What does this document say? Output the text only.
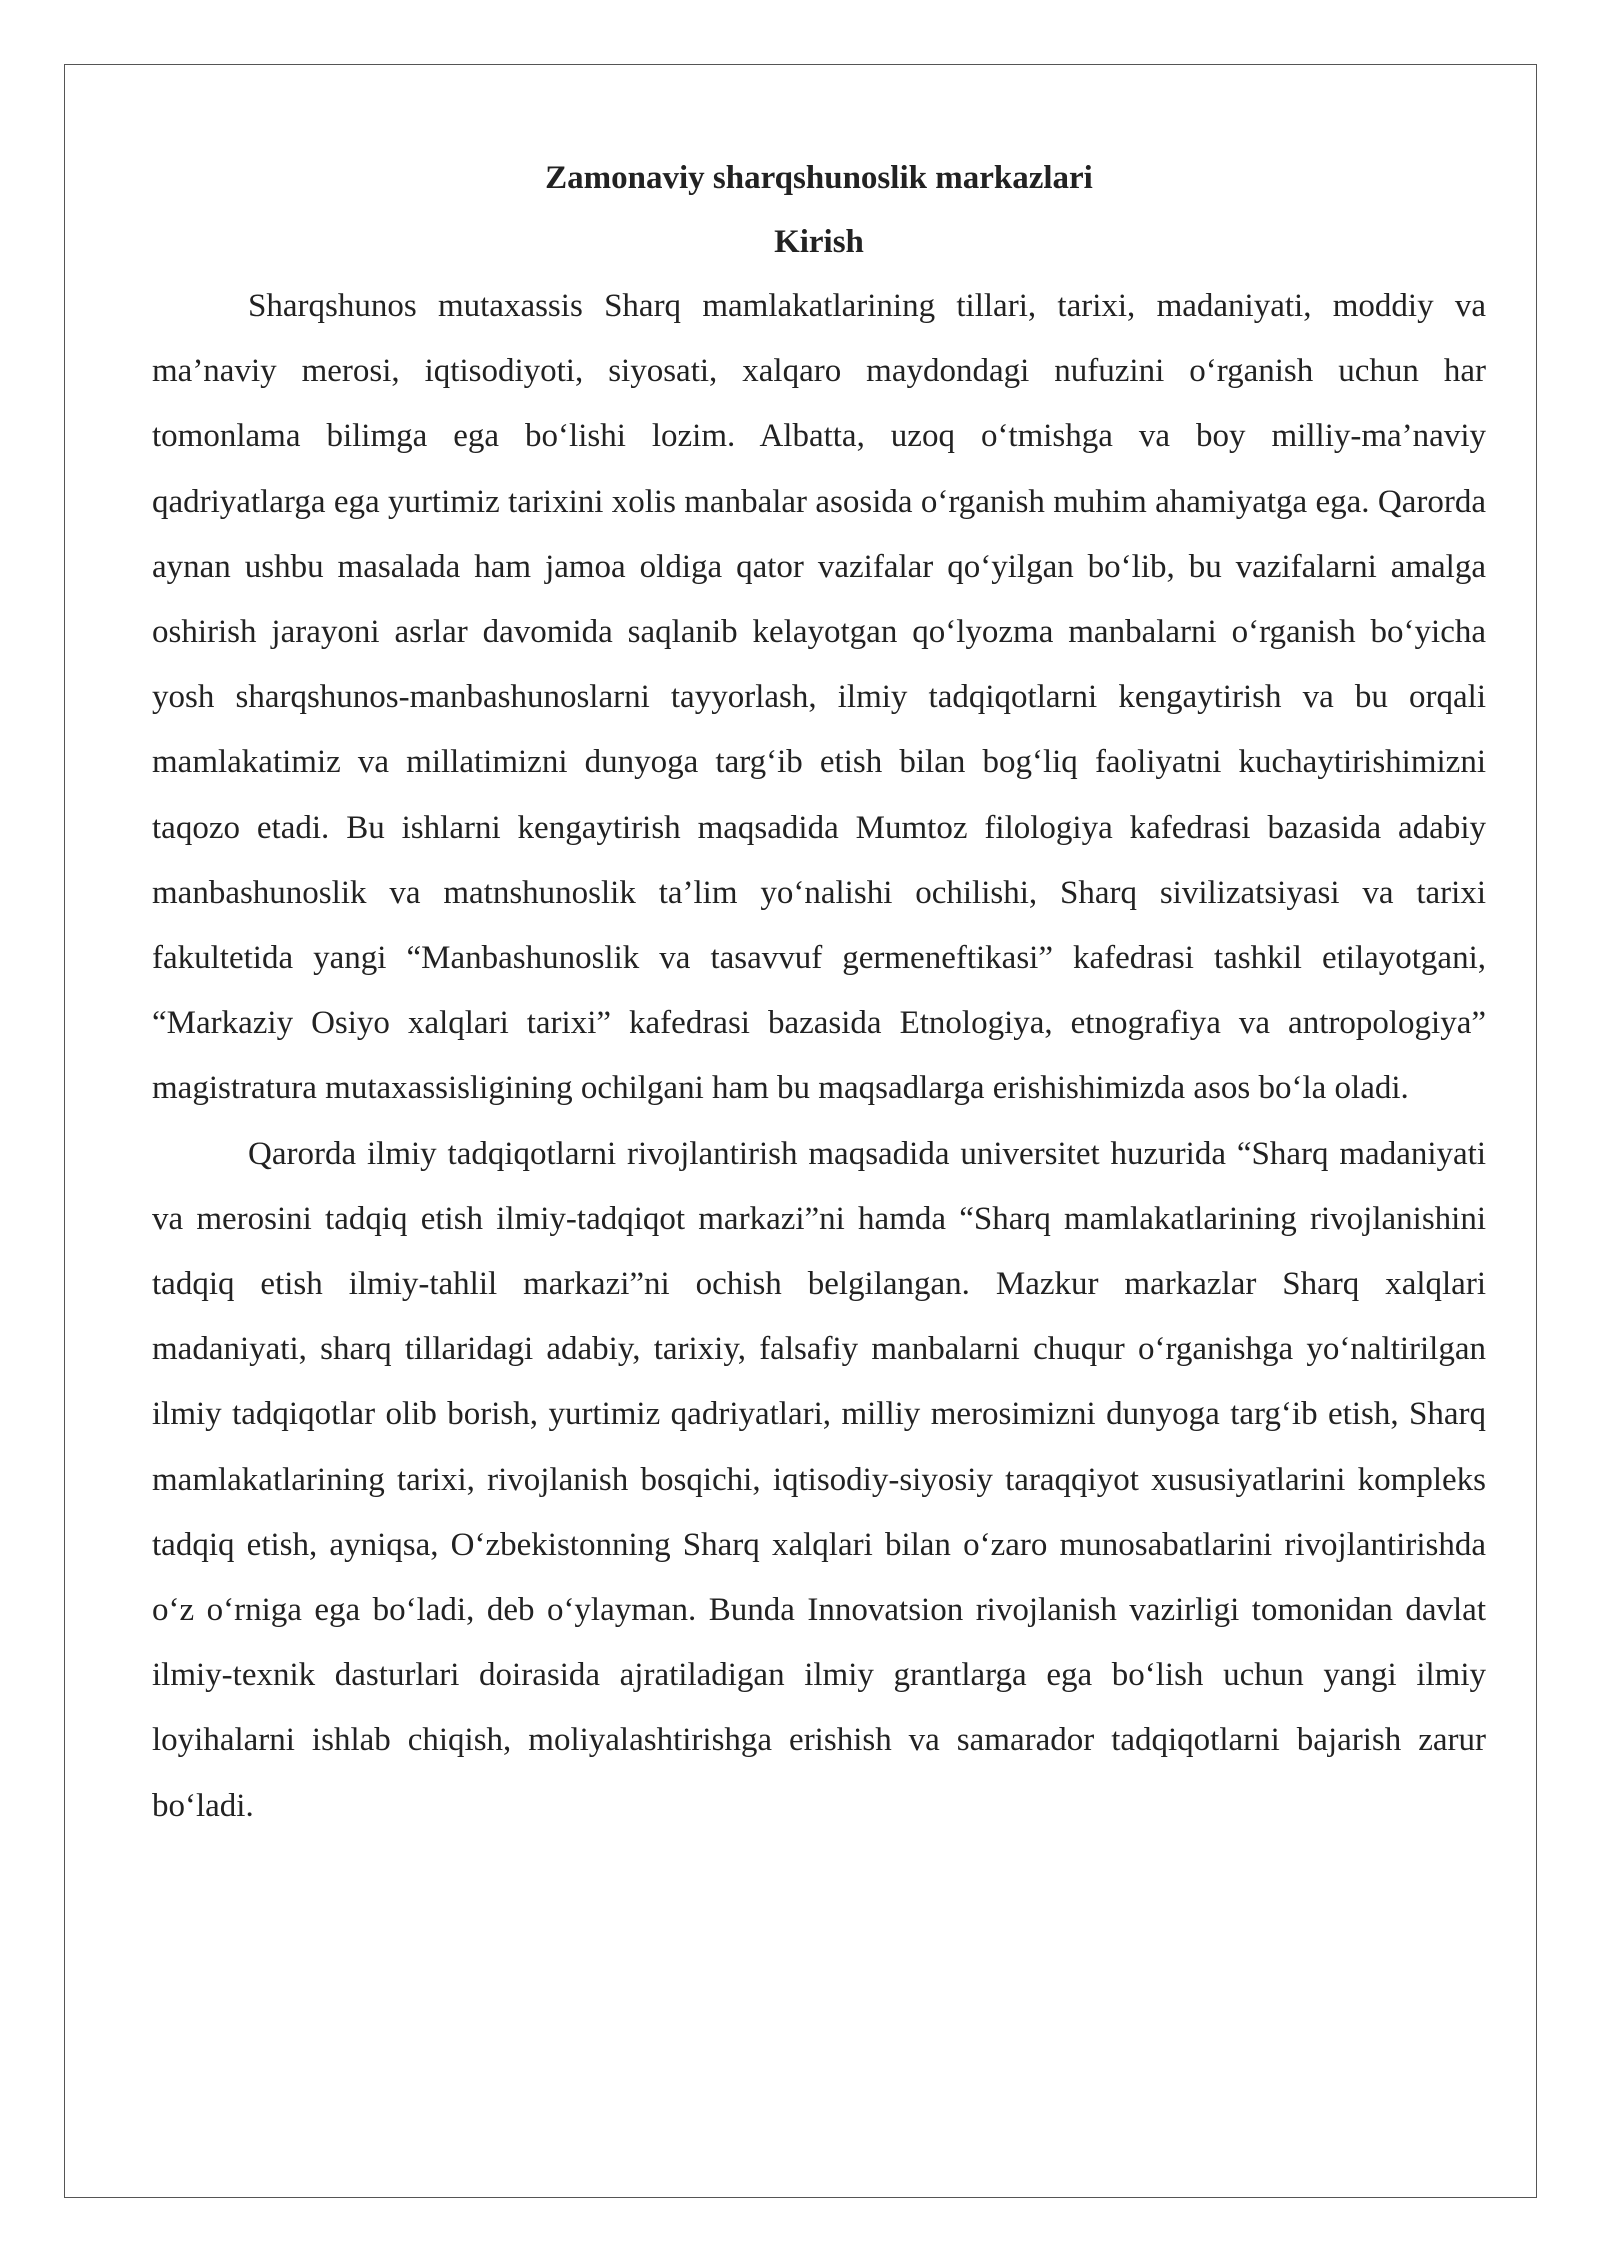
Zamonaviy sharqshunoslik markazlari

Kirish

Sharqshunos mutaxassis Sharq mamlakatlarining tillari, tarixi, madaniyati, moddiy va ma’naviy merosi, iqtisodiyoti, siyosati, xalqaro maydondagi nufuzini o‘rganish uchun har tomonlama bilimga ega bo‘lishi lozim. Albatta, uzoq o‘tmishga va boy milliy-ma’naviy qadriyatlarga ega yurtimiz tarixini xolis manbalar asosida o‘rganish muhim ahamiyatga ega. Qarorda aynan ushbu masalada ham jamoa oldiga qator vazifalar qo‘yilgan bo‘lib, bu vazifalarni amalga oshirish jarayoni asrlar davomida saqlanib kelayotgan qo‘lyozma manbalarni o‘rganish bo‘yicha yosh sharqshunos-manbashunoslarni tayyorlash, ilmiy tadqiqotlarni kengaytirish va bu orqali mamlakatimiz va millatimizni dunyoga targ‘ib etish bilan bog‘liq faoliyatni kuchaytirishimizni taqozo etadi. Bu ishlarni kengaytirish maqsadida Mumtoz filologiya kafedrasi bazasida adabiy manbashunoslik va matnshunoslik ta’lim yo‘nalishi ochilishi, Sharq sivilizatsiyasi va tarixi fakultetida yangi “Manbashunoslik va tasavvuf germeneftikasi” kafedrasi tashkil etilayotgani, “Markaziy Osiyo xalqlari tarixi” kafedrasi bazasida Etnologiya, etnografiya va antropologiya” magistratura mutaxassisligining ochilgani ham bu maqsadlarga erishishimizda asos bo‘la oladi.

Qarorda ilmiy tadqiqotlarni rivojlantirish maqsadida universitet huzurida “Sharq madaniyati va merosini tadqiq etish ilmiy-tadqiqot markazi”ni hamda “Sharq mamlakatlarining rivojlanishini tadqiq etish ilmiy-tahlil markazi”ni ochish belgilangan. Mazkur markazlar Sharq xalqlari madaniyati, sharq tillaridagi adabiy, tarixiy, falsafiy manbalarni chuqur o‘rganishga yo‘naltirilgan ilmiy tadqiqotlar olib borish, yurtimiz qadriyatlari, milliy merosimizni dunyoga targ‘ib etish, Sharq mamlakatlarining tarixi, rivojlanish bosqichi, iqtisodiy-siyosiy taraqqiyot xususiyatlarini kompleks tadqiq etish, ayniqsa, O‘zbekistonning Sharq xalqlari bilan o‘zaro munosabatlarini rivojlantirishda o‘z o‘rniga ega bo‘ladi, deb o‘ylayman. Bunda Innovatsion rivojlanish vazirligi tomonidan davlat ilmiy-texnik dasturlari doirasida ajratiladigan ilmiy grantlarga ega bo‘lish uchun yangi ilmiy loyihalarni ishlab chiqish, moliyalashtirishga erishish va samarador tadqiqotlarni bajarish zarur bo‘ladi.
